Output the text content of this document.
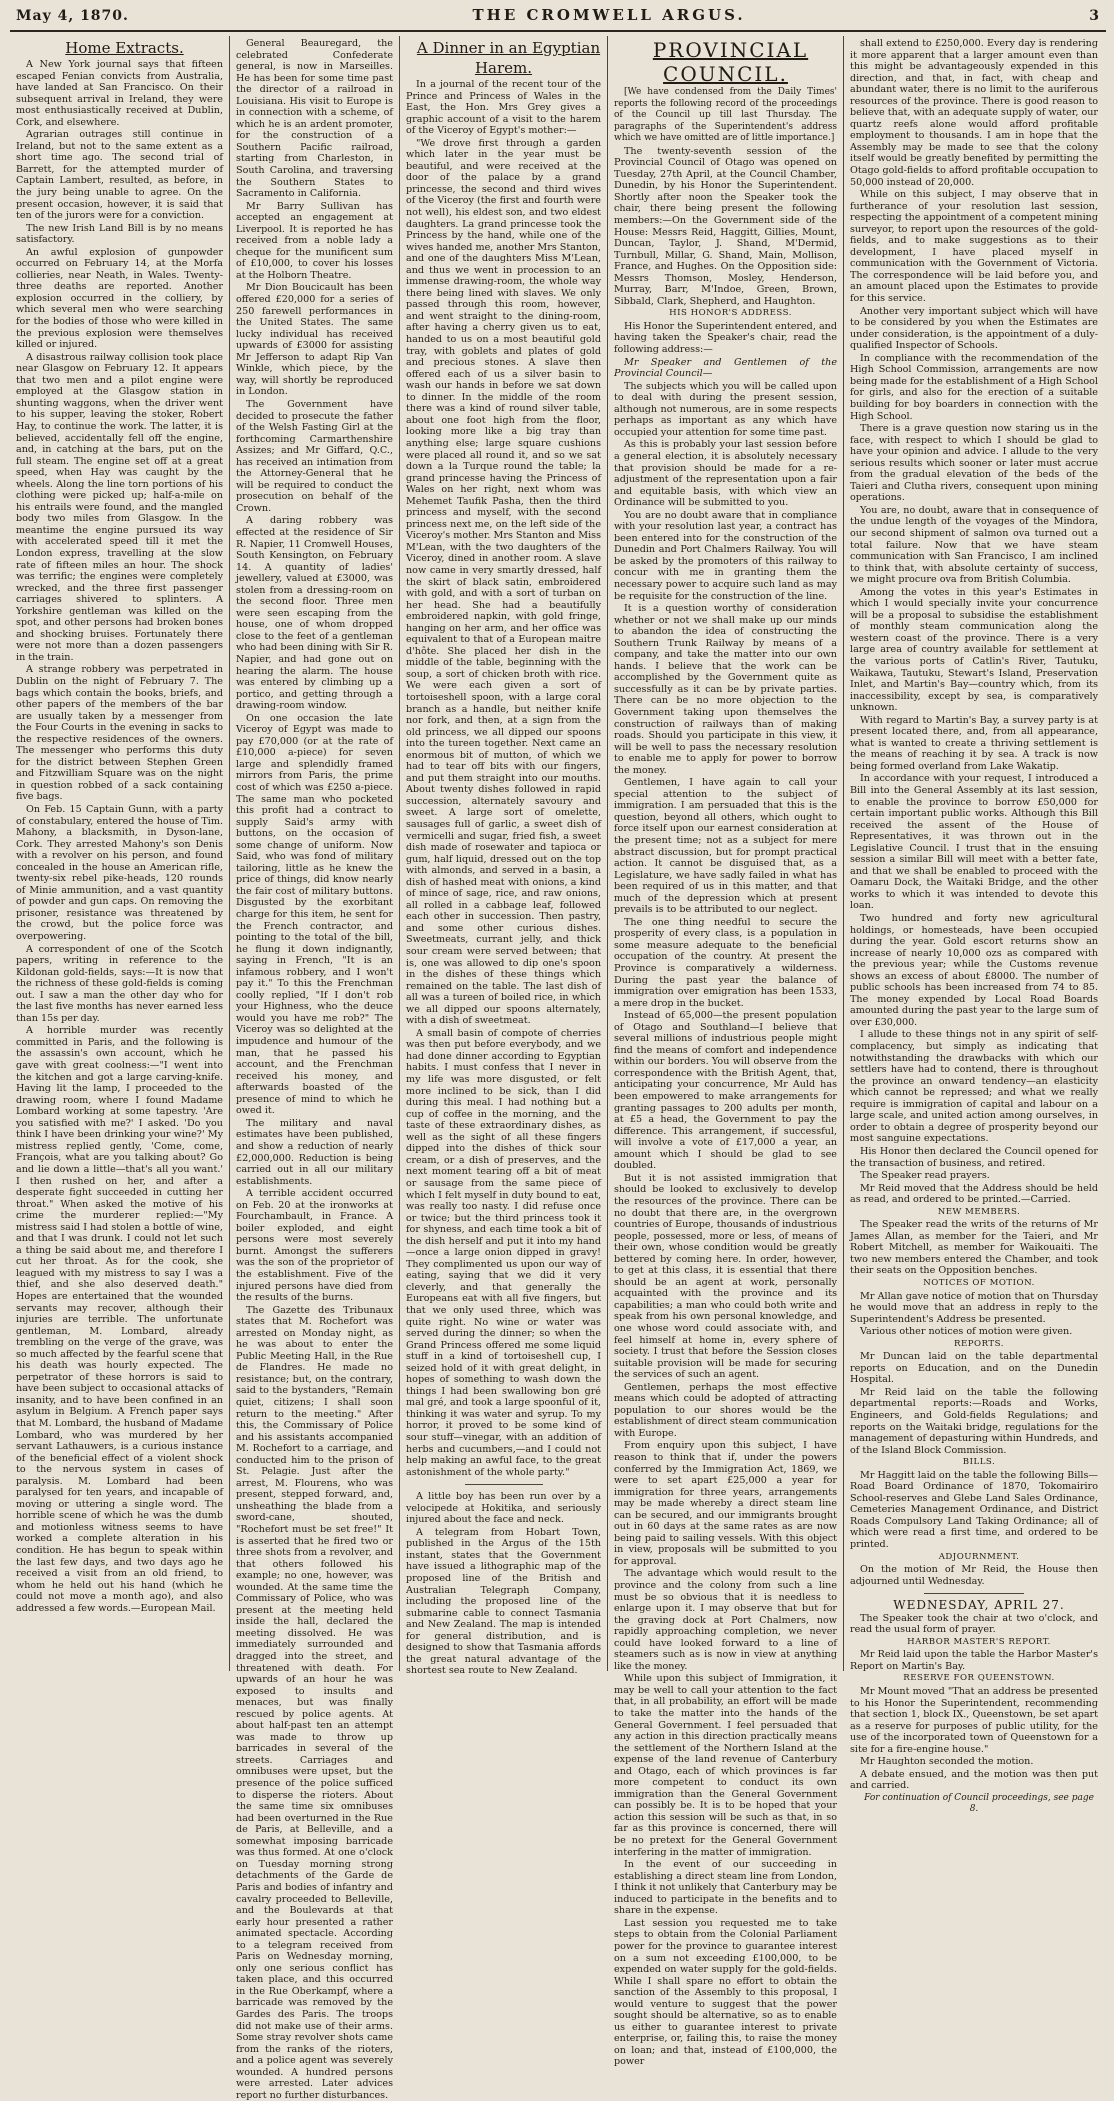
May 4, 1870.	THE CROMWELL ARGUS.	3

Home Extracts.

A New York journal says that fifteen escaped Fenian convicts from Australia, have landed at San Francisco. On their subsequent arrival in Ireland, they were most enthusiastically received at Dublin, Cork, and elsewhere.

Agrarian outrages still continue in Ireland, but not to the same extent as a short time ago. The second trial of Barrett, for the attempted murder of Captain Lambert, resulted, as before, in the jury being unable to agree. On the present occasion, however, it is said that ten of the jurors were for a conviction.

The new Irish Land Bill is by no means satisfactory.

An awful explosion of gunpowder occurred on February 14, at the Morfa collieries, near Neath, in Wales. Twenty-three deaths are reported. Another explosion occurred in the colliery, by which several men who were searching for the bodies of those who were killed in the previous explosion were themselves killed or injured.

A disastrous railway collision took place near Glasgow on February 12. It appears that two men and a pilot engine were employed at the Glasgow station in shunting waggons, when the driver went to his supper, leaving the stoker, Robert Hay, to continue the work. The latter, it is believed, accidentally fell off the engine, and, in catching at the bars, put on the full steam. The engine set off at a great speed, when Hay was caught by the wheels. Along the line torn portions of his clothing were picked up; half-a-mile on his entrails were found, and the mangled body two miles from Glasgow. In the meantime the engine pursued its way with accelerated speed till it met the London express, travelling at the slow rate of fifteen miles an hour. The shock was terrific; the engines were completely wrecked, and the three first passenger carriages shivered to splinters. A Yorkshire gentleman was killed on the spot, and other persons had broken bones and shocking bruises. Fortunately there were not more than a dozen passengers in the train.

A strange robbery was perpetrated in Dublin on the night of February 7. The bags which contain the books, briefs, and other papers of the members of the bar are usually taken by a messenger from the Four Courts in the evening in sacks to the respective residences of the owners. The messenger who performs this duty for the district between Stephen Green and Fitzwilliam Square was on the night in question robbed of a sack containing five bags.

On Feb. 15 Captain Gunn, with a party of constabulary, entered the house of Tim. Mahony, a blacksmith, in Dyson-lane, Cork. They arrested Mahony's son Denis with a revolver on his person, and found concealed in the house an American rifle, twenty-six rebel pike-heads, 120 rounds of Minie ammunition, and a vast quantity of powder and gun caps. On removing the prisoner, resistance was threatened by the crowd, but the police force was overpowering.

A correspondent of one of the Scotch papers, writing in reference to the Kildonan gold-fields, says:—It is now that the richness of these gold-fields is coming out. I saw a man the other day who for the last five months has never earned less than 15s per day.

A horrible murder was recently committed in Paris, and the following is the assassin's own account, which he gave with great coolness:—"I went into the kitchen and got a large carving-knife. Having lit the lamp, I proceeded to the drawing room, where I found Madame Lombard working at some tapestry. 'Are you satisfied with me?' I asked. 'Do you think I have been drinking your wine?' My mistress replied gently, 'Come, come, François, what are you talking about? Go and lie down a little—that's all you want.' I then rushed on her, and after a desperate fight succeeded in cutting her throat." When asked the motive of his crime the murderer replied:—"My mistress said I had stolen a bottle of wine, and that I was drunk. I could not let such a thing be said about me, and therefore I cut her throat. As for the cook, she leagued with my mistress to say I was a thief, and she also deserved death." Hopes are entertained that the wounded servants may recover, although their injuries are terrible. The unfortunate gentleman, M. Lombard, already trembling on the verge of the grave, was so much affected by the fearful scene that his death was hourly expected. The perpetrator of these horrors is said to have been subject to occasional attacks of insanity, and to have been confined in an asylum in Belgium. A French paper says that M. Lombard, the husband of Madame Lombard, who was murdered by her servant Lathauwers, is a curious instance of the beneficial effect of a violent shock to the nervous system in cases of paralysis. M. Lombard had been paralysed for ten years, and incapable of moving or uttering a single word. The horrible scene of which he was the dumb and motionless witness seems to have worked a complete alteration in his condition. He has begun to speak within the last few days, and two days ago he received a visit from an old friend, to whom he held out his hand (which he could not move a month ago), and also addressed a few words.—European Mail.

General Beauregard, the celebrated Confederate general, is now in Marseilles. He has been for some time past the director of a railroad in Louisiana. His visit to Europe is in connection with a scheme, of which he is an ardent promoter, for the construction of a Southern Pacific railroad, starting from Charleston, in South Carolina, and traversing the Southern States to Sacramento in California.

Mr Barry Sullivan has accepted an engagement at Liverpool. It is reported he has received from a noble lady a cheque for the munificent sum of £10,000, to cover his losses at the Holborn Theatre.

Mr Dion Boucicault has been offered £20,000 for a series of 250 farewell performances in the United States. The same lucky individual has received upwards of £3000 for assisting Mr Jefferson to adapt Rip Van Winkle, which piece, by the way, will shortly be reproduced in London.

The Government have decided to prosecute the father of the Welsh Fasting Girl at the forthcoming Carmarthenshire Assizes; and Mr Giffard, Q.C., has received an intimation from the Attorney-General that he will be required to conduct the prosecution on behalf of the Crown.

A daring robbery was effected at the residence of Sir R. Napier, 11 Cromwell Houses, South Kensington, on February 14. A quantity of ladies' jewellery, valued at £3000, was stolen from a dressing-room on the second floor. Three men were seen escaping from the house, one of whom dropped close to the feet of a gentleman who had been dining with Sir R. Napier, and had gone out on hearing the alarm. The house was entered by climbing up a portico, and getting through a drawing-room window.

On one occasion the late Viceroy of Egypt was made to pay £70,000 (or at the rate of £10,000 a-piece) for seven large and splendidly framed mirrors from Paris, the prime cost of which was £250 a-piece. The same man who pocketed this profit had a contract to supply Said's army with buttons, on the occasion of some change of uniform. Now Said, who was fond of military tailoring, little as he knew the price of things, did know nearly the fair cost of military buttons. Disgusted by the exorbitant charge for this item, he sent for the French contractor, and pointing to the total of the bill, he flung it down indignantly, saying in French, "It is an infamous robbery, and I won't pay it." To this the Frenchman coolly replied, "If I don't rob your Highness, who the deuce would you have me rob?" The Viceroy was so delighted at the impudence and humour of the man, that he passed his account, and the Frenchman received his money, and afterwards boasted of the presence of mind to which he owed it.

The military and naval estimates have been published, and show a reduction of nearly £2,000,000. Reduction is being carried out in all our military establishments.

A terrible accident occurred on Feb. 20 at the ironworks at Fourchambault, in France. A boiler exploded, and eight persons were most severely burnt. Amongst the sufferers was the son of the proprietor of the establishment. Five of the injured persons have died from the results of the burns.

The Gazette des Tribunaux states that M. Rochefort was arrested on Monday night, as he was about to enter the Public Meeting Hall, in the Rue de Flandres. He made no resistance; but, on the contrary, said to the bystanders, "Remain quiet, citizens; I shall soon return to the meeting." After this, the Commissary of Police and his assistants accompanied M. Rochefort to a carriage, and conducted him to the prison of St. Pelagie. Just after the arrest, M. Flourens, who was present, stepped forward, and, unsheathing the blade from a sword-cane, shouted, "Rochefort must be set free!" It is asserted that he fired two or three shots from a revolver, and that others followed his example; no one, however, was wounded. At the same time the Commissary of Police, who was present at the meeting held inside the hall, declared the meeting dissolved. He was immediately surrounded and dragged into the street, and threatened with death. For upwards of an hour he was exposed to insults and menaces, but was finally rescued by police agents. At about half-past ten an attempt was made to throw up barricades in several of the streets. Carriages and omnibuses were upset, but the presence of the police sufficed to disperse the rioters. About the same time six omnibuses had been overturned in the Rue de Paris, at Belleville, and a somewhat imposing barricade was thus formed. At one o'clock on Tuesday morning strong detachments of the Garde de Paris and bodies of infantry and cavalry proceeded to Belleville, and the Boulevards at that early hour presented a rather animated spectacle. According to a telegram received from Paris on Wednesday morning, only one serious conflict has taken place, and this occurred in the Rue Oberkampf, where a barricade was removed by the Gardes des Paris. The troops did not make use of their arms. Some stray revolver shots came from the ranks of the rioters, and a police agent was severely wounded. A hundred persons were arrested. Later advices report no further disturbances.

A Dinner in an Egyptian Harem.

In a journal of the recent tour of the Prince and Princess of Wales in the East, the Hon. Mrs Grey gives a graphic account of a visit to the harem of the Viceroy of Egypt's mother:—

"We drove first through a garden which later in the year must be beautiful, and were received at the door of the palace by a grand princesse, the second and third wives of the Viceroy (the first and fourth were not well), his eldest son, and two eldest daughters. La grand princesse took the Princess by the hand, while one of the wives handed me, another Mrs Stanton, and one of the daughters Miss M'Lean, and thus we went in procession to an immense drawing-room, the whole way there being lined with slaves. We only passed through this room, however, and went straight to the dining-room, after having a cherry given us to eat, handed to us on a most beautiful gold tray, with goblets and plates of gold and precious stones. A slave then offered each of us a silver basin to wash our hands in before we sat down to dinner. In the middle of the room there was a kind of round silver table, about one foot high from the floor, looking more like a big tray than anything else; large square cushions were placed all round it, and so we sat down a la Turque round the table; la grand princesse having the Princess of Wales on her right, next whom was Mehemet Taufik Pasha, then the third princess and myself, with the second princess next me, on the left side of the Viceroy's mother. Mrs Stanton and Miss M'Lean, with the two daughters of the Viceroy, dined in another room. A slave now came in very smartly dressed, half the skirt of black satin, embroidered with gold, and with a sort of turban on her head. She had a beautifully embroidered napkin, with gold fringe, hanging on her arm, and her office was equivalent to that of a European maitre d'hôte. She placed her dish in the middle of the table, beginning with the soup, a sort of chicken broth with rice. We were each given a sort of tortoiseshell spoon, with a large coral branch as a handle, but neither knife nor fork, and then, at a sign from the old princess, we all dipped our spoons into the tureen together. Next came an enormous bit of mutton, of which we had to tear off bits with our fingers, and put them straight into our mouths. About twenty dishes followed in rapid succession, alternately savoury and sweet. A large sort of omelette, sausages full of garlic, a sweet dish of vermicelli and sugar, fried fish, a sweet dish made of rosewater and tapioca or gum, half liquid, dressed out on the top with almonds, and served in a basin, a dish of hashed meat with onions, a kind of mince of sage, rice, and raw onions, all rolled in a cabbage leaf, followed each other in succession. Then pastry, and some other curious dishes. Sweetmeats, currant jelly, and thick sour cream were served between; that is, one was allowed to dip one's spoon in the dishes of these things which remained on the table. The last dish of all was a tureen of boiled rice, in which we all dipped our spoons alternately, with a dish of sweetmeat.

A small basin of compote of cherries was then put before everybody, and we had done dinner according to Egyptian habits. I must confess that I never in my life was more disgusted, or felt more inclined to be sick, than I did during this meal. I had nothing but a cup of coffee in the morning, and the taste of these extraordinary dishes, as well as the sight of all these fingers dipped into the dishes of thick sour cream, or a dish of preserves, and the next moment tearing off a bit of meat or sausage from the same piece of which I felt myself in duty bound to eat, was really too nasty. I did refuse once or twice; but the third princess took it for shyness, and each time took a bit of the dish herself and put it into my hand—once a large onion dipped in gravy! They complimented us upon our way of eating, saying that we did it very cleverly, and that generally the Europeans eat with all five fingers, but that we only used three, which was quite right. No wine or water was served during the dinner; so when the Grand Princess offered me some liquid stuff in a kind of tortoiseshell cup, I seized hold of it with great delight, in hopes of something to wash down the things I had been swallowing bon gré mal gré, and took a large spoonful of it, thinking it was water and syrup. To my horror, it proved to be some kind of sour stuff—vinegar, with an addition of herbs and cucumbers,—and I could not help making an awful face, to the great astonishment of the whole party."

A little boy has been run over by a velocipede at Hokitika, and seriously injured about the face and neck.

A telegram from Hobart Town, published in the Argus of the 15th instant, states that the Government have issued a lithographic map of the proposed line of the British and Australian Telegraph Company, including the proposed line of the submarine cable to connect Tasmania and New Zealand. The map is intended for general distribution, and is designed to show that Tasmania affords the great natural advantage of the shortest sea route to New Zealand.

PROVINCIAL COUNCIL.

[We have condensed from the Daily Times' reports the following record of the proceedings of the Council up till last Thursday. The paragraphs of the Superintendent's address which we have omitted are of little importance.]

The twenty-seventh session of the Provincial Council of Otago was opened on Tuesday, 27th April, at the Council Chamber, Dunedin, by his Honor the Superintendent. Shortly after noon the Speaker took the chair, there being present the following members:—On the Government side of the House: Messrs Reid, Haggitt, Gillies, Mount, Duncan, Taylor, J. Shand, M'Dermid, Turnbull, Millar, G. Shand, Main, Mollison, France, and Hughes. On the Opposition side: Messrs Thomson, Mosley, Henderson, Murray, Barr, M'Indoe, Green, Brown, Sibbald, Clark, Shepherd, and Haughton.

HIS HONOR'S ADDRESS.

His Honor the Superintendent entered, and having taken the Speaker's chair, read the following address:—

Mr Speaker and Gentlemen of the Provincial Council—

The subjects which you will be called upon to deal with during the present session, although not numerous, are in some respects perhaps as important as any which have occupied your attention for some time past.

As this is probably your last session before a general election, it is absolutely necessary that provision should be made for a re-adjustment of the representation upon a fair and equitable basis, with which view an Ordinance will be submitted to you.

You are no doubt aware that in compliance with your resolution last year, a contract has been entered into for the construction of the Dunedin and Port Chalmers Railway. You will be asked by the promoters of this railway to concur with me in granting them the necessary power to acquire such land as may be requisite for the construction of the line.

It is a question worthy of consideration whether or not we shall make up our minds to abandon the idea of constructing the Southern Trunk Railway by means of a company, and take the matter into our own hands. I believe that the work can be accomplished by the Government quite as successfully as it can be by private parties. There can be no more objection to the Government taking upon themselves the construction of railways than of making roads. Should you participate in this view, it will be well to pass the necessary resolution to enable me to apply for power to borrow the money.

Gentlemen, I have again to call your special attention to the subject of immigration. I am persuaded that this is the question, beyond all others, which ought to force itself upon our earnest consideration at the present time; not as a subject for mere abstract discussion, but for prompt practical action. It cannot be disguised that, as a Legislature, we have sadly failed in what has been required of us in this matter, and that much of the depression which at present prevails is to be attributed to our neglect.

The one thing needful to secure the prosperity of every class, is a population in some measure adequate to the beneficial occupation of the country. At present the Province is comparatively a wilderness. During the past year the balance of immigration over emigration has been 1533, a mere drop in the bucket.

Instead of 65,000—the present population of Otago and Southland—I believe that several millions of industrious people might find the means of comfort and independence within our borders. You will observe from the correspondence with the British Agent, that, anticipating your concurrence, Mr Auld has been empowered to make arrangements for granting passages to 200 adults per month, at £5 a head, the Government to pay the difference. This arrangement, if successful, will involve a vote of £17,000 a year, an amount which I should be glad to see doubled.

But it is not assisted immigration that should be looked to exclusively to develop the resources of the province. There can be no doubt that there are, in the overgrown countries of Europe, thousands of industrious people, possessed, more or less, of means of their own, whose condition would be greatly bettered by coming here. In order, however, to get at this class, it is essential that there should be an agent at work, personally acquainted with the province and its capabilities; a man who could both write and speak from his own personal knowledge, and one whose word could associate with, and feel himself at home in, every sphere of society. I trust that before the Session closes suitable provision will be made for securing the services of such an agent.

Gentlemen, perhaps the most effective means which could be adopted of attracting population to our shores would be the establishment of direct steam communication with Europe.

From enquiry upon this subject, I have reason to think that if, under the powers conferred by the Immigration Act, 1869, we were to set apart £25,000 a year for immigration for three years, arrangements may be made whereby a direct steam line can be secured, and our immigrants brought out in 60 days at the same rates as are now being paid to sailing vessels. With this object in view, proposals will be submitted to you for approval.

The advantage which would result to the province and the colony from such a line must be so obvious that it is needless to enlarge upon it. I may observe that but for the graving dock at Port Chalmers, now rapidly approaching completion, we never could have looked forward to a line of steamers such as is now in view at anything like the money.

While upon this subject of Immigration, it may be well to call your attention to the fact that, in all probability, an effort will be made to take the matter into the hands of the General Government. I feel persuaded that any action in this direction practically means the settlement of the Northern Island at the expense of the land revenue of Canterbury and Otago, each of which provinces is far more competent to conduct its own immigration than the General Government can possibly be. It is to be hoped that your action this session will be such as that, in so far as this province is concerned, there will be no pretext for the General Government interfering in the matter of immigration.

In the event of our succeeding in establishing a direct steam line from London, I think it not unlikely that Canterbury may be induced to participate in the benefits and to share in the expense.

Last session you requested me to take steps to obtain from the Colonial Parliament power for the province to guarantee interest on a sum not exceeding £100,000, to be expended on water supply for the gold-fields. While I shall spare no effort to obtain the sanction of the Assembly to this proposal, I would venture to suggest that the power sought should be alternative, so as to enable us either to guarantee interest to private enterprise, or, failing this, to raise the money on loan; and that, instead of £100,000, the power

shall extend to £250,000. Every day is rendering it more apparent that a larger amount even than this might be advantageously expended in this direction, and that, in fact, with cheap and abundant water, there is no limit to the auriferous resources of the province. There is good reason to believe that, with an adequate supply of water, our quartz reefs alone would afford profitable employment to thousands. I am in hope that the Assembly may be made to see that the colony itself would be greatly benefited by permitting the Otago gold-fields to afford profitable occupation to 50,000 instead of 20,000.

While on this subject, I may observe that in furtherance of your resolution last session, respecting the appointment of a competent mining surveyor, to report upon the resources of the gold-fields, and to make suggestions as to their development, I have placed myself in communication with the Government of Victoria. The correspondence will be laid before you, and an amount placed upon the Estimates to provide for this service.

Another very important subject which will have to be considered by you when the Estimates are under consideration, is the appointment of a duly-qualified Inspector of Schools.

In compliance with the recommendation of the High School Commission, arrangements are now being made for the establishment of a High School for girls, and also for the erection of a suitable building for boy boarders in connection with the High School.

There is a grave question now staring us in the face, with respect to which I should be glad to have your opinion and advice. I allude to the very serious results which sooner or later must accrue from the gradual elevation of the beds of the Taieri and Clutha rivers, consequent upon mining operations.

You are, no doubt, aware that in consequence of the undue length of the voyages of the Mindora, our second shipment of salmon ova turned out a total failure. Now that we have steam communication with San Francisco, I am inclined to think that, with absolute certainty of success, we might procure ova from British Columbia.

Among the votes in this year's Estimates in which I would specially invite your concurrence will be a proposal to subsidise the establishment of monthly steam communication along the western coast of the province. There is a very large area of country available for settlement at the various ports of Catlin's River, Tautuku, Waikawa, Tautuku, Stewart's Island, Preservation Inlet, and Martin's Bay—country which, from its inaccessibility, except by sea, is comparatively unknown.

With regard to Martin's Bay, a survey party is at present located there, and, from all appearance, what is wanted to create a thriving settlement is the means of reaching it by sea. A track is now being formed overland from Lake Wakatip.

In accordance with your request, I introduced a Bill into the General Assembly at its last session, to enable the province to borrow £50,000 for certain important public works. Although this Bill received the assent of the House of Representatives, it was thrown out in the Legislative Council. I trust that in the ensuing session a similar Bill will meet with a better fate, and that we shall be enabled to proceed with the Oamaru Dock, the Waitaki Bridge, and the other works to which it was intended to devote this loan.

Two hundred and forty new agricultural holdings, or homesteads, have been occupied during the year. Gold escort returns show an increase of nearly 10,000 ozs as compared with the previous year; while the Customs revenue shows an excess of about £8000. The number of public schools has been increased from 74 to 85. The money expended by Local Road Boards amounted during the past year to the large sum of over £30,000.

I allude to these things not in any spirit of self-complacency, but simply as indicating that notwithstanding the drawbacks with which our settlers have had to contend, there is throughout the province an onward tendency—an elasticity which cannot be repressed; and what we really require is immigration of capital and labour on a large scale, and united action among ourselves, in order to obtain a degree of prosperity beyond our most sanguine expectations.

His Honor then declared the Council opened for the transaction of business, and retired.

The Speaker read prayers.

Mr Reid moved that the Address should be held as read, and ordered to be printed.—Carried.

NEW MEMBERS.

The Speaker read the writs of the returns of Mr James Allan, as member for the Taieri, and Mr Robert Mitchell, as member for Waikouaiti. The two new members entered the Chamber, and took their seats on the Opposition benches.

NOTICES OF MOTION.

Mr Allan gave notice of motion that on Thursday he would move that an address in reply to the Superintendent's Address be presented.

Various other notices of motion were given.

REPORTS.

Mr Duncan laid on the table departmental reports on Education, and on the Dunedin Hospital.

Mr Reid laid on the table the following departmental reports:—Roads and Works, Engineers, and Gold-fields Regulations; and reports on the Waitaki bridge, regulations for the management of depasturing within Hundreds, and of the Island Block Commission.

BILLS.

Mr Haggitt laid on the table the following Bills—Road Board Ordinance of 1870, Tokomairiro School-reserves and Glebe Land Sales Ordinance, Cemeteries Management Ordinance, and District Roads Compulsory Land Taking Ordinance; all of which were read a first time, and ordered to be printed.

ADJOURNMENT.

On the motion of Mr Reid, the House then adjourned until Wednesday.

WEDNESDAY, APRIL 27.

The Speaker took the chair at two o'clock, and read the usual form of prayer.

HARBOR MASTER'S REPORT.

Mr Reid laid upon the table the Harbor Master's Report on Martin's Bay.

RESERVE FOR QUEENSTOWN.

Mr Mount moved "That an address be presented to his Honor the Superintendent, recommending that section 1, block IX., Queenstown, be set apart as a reserve for purposes of public utility, for the use of the incorporated town of Queenstown for a site for a fire-engine house."

Mr Haughton seconded the motion.

A debate ensued, and the motion was then put and carried.

For continuation of Council proceedings, see page 8.
